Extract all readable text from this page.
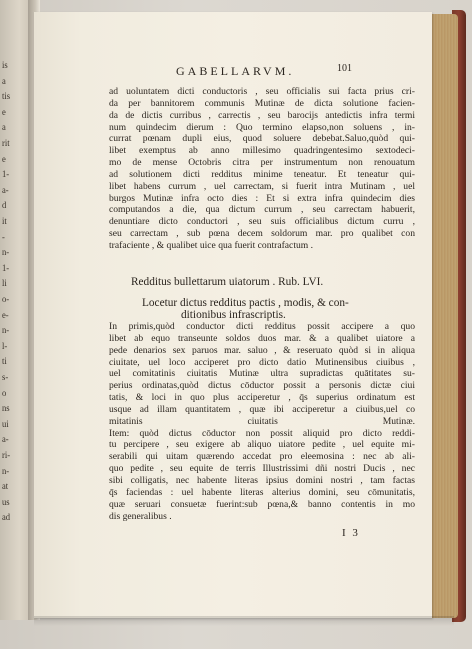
is
a
tis
e
a
rit
e
1-
a-
d
it
-
n-
1-
li
o-
e-
n-
l-
ti
s-
o
ns
ui
a-
ri-
n-
at
us
ad
GABELLARVM.	101
ad uoluntatem dicti conductoris , seu officialis sui facta prius cri-
da per bannitorem communis Mutinæ de dicta solutione facien-
da de dictis curribus , carrectis , seu barocijs antedictis infra termi
num quindecim dierum : Quo termino elapso,non soluens , in-
currat pœnam dupli eius, quod soluere debebat.Saluo,quòd qui-
libet exemptus ab anno millesimo quadringentesimo sextodeci-
mo de mense Octobris citra per instrumentum non renouatum
ad solutionem dicti redditus minime teneatur. Et teneatur qui-
libet habens currum , uel carrectam, si fuerit intra Mutinam , uel
burgos Mutinæ infra octo dies : Et si extra infra quindecim dies
computandos a die, qua dictum currum , seu carrectam habuerit,
denuntiare dicto conductori , seu suis officialibus dictum curru ,
seu carrectam , sub pœna decem soldorum mar. pro qualibet con
trafaciente , & qualibet uice qua fuerit contrafactum .
Redditus bullettarum uiatorum . Rub. LVI.
Locetur dictus redditus pactis , modis, & con-
ditionibus infrascriptis.
In primis,quòd conductor dicti redditus possit accipere a quo
libet ab equo transeunte soldos duos mar. & a qualibet uiatore a
pede denarios sex paruos mar. saluo , & reseruato quòd si in aliqua
ciuitate, uel loco acciperet pro dicto datio Mutinensibus ciuibus ,
uel comitatinis ciuitatis Mutinæ ultra supradictas quātitates su-
perius ordinatas,quòd dictus cōductor possit a personis dictæ ciui
tatis, & loci in quo plus acciperetur , q̄s superius ordinatum est
usque ad illam quantitatem , quæ ibi acciperetur a ciuibus,uel co
mitatinis ciuitatis Mutinæ.
Item: quòd dictus cōductor non possit aliquid pro dicto reddi-
tu percipere , seu exigere ab aliquo uiatore pedite , uel equite mi-
serabili qui uitam quærendo accedat pro eleemosina : nec ab ali-
quo pedite , seu equite de terris Illustrissimi dñi nostri Ducis , nec
sibi colligatis, nec habente literas ipsius domini nostri , tam factas
q̄s faciendas : uel habente literas alterius domini, seu cōmunitatis,
quæ seruari consuetæ fuerint:sub pœna,& banno contentis in mo
dis generalibus .
I 3
